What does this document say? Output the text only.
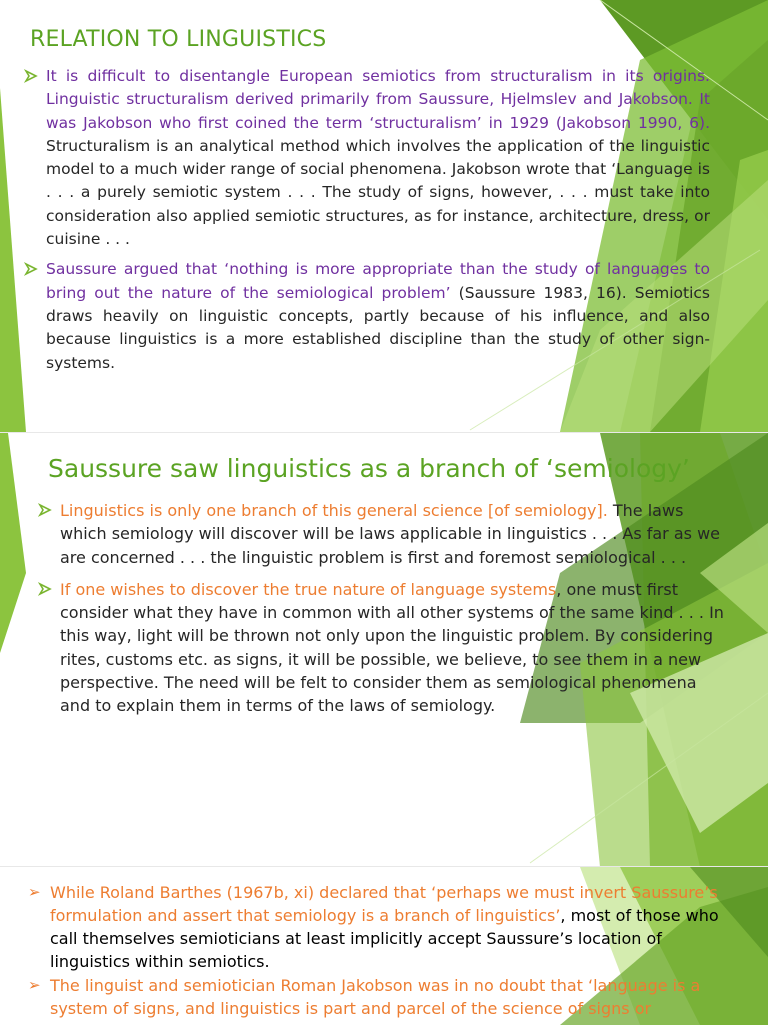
RELATION TO LINGUISTICS
It is difficult to disentangle European semiotics from structuralism in its origins. Linguistic structuralism derived primarily from Saussure, Hjelmslev and Jakobson. It was Jakobson who first coined the term ‘structuralism’ in 1929 (Jakobson 1990, 6). Structuralism is an analytical method which involves the application of the linguistic model to a much wider range of social phenomena. Jakobson wrote that ‘Language is . . . a purely semiotic system . . . The study of signs, however, . . . must take into consideration also applied semiotic structures, as for instance, architecture, dress, or cuisine . . .
Saussure argued that ‘nothing is more appropriate than the study of languages to bring out the nature of the semiological problem’ (Saussure 1983, 16). Semiotics draws heavily on linguistic concepts, partly because of his influence, and also because linguistics is a more established discipline than the study of other sign-systems.
Saussure saw linguistics as a branch of ‘semiology’
Linguistics is only one branch of this general science [of semiology]. The laws which semiology will discover will be laws applicable in linguistics . . . As far as we are concerned . . . the linguistic problem is first and foremost semiological . . .
If one wishes to discover the true nature of language systems, one must first consider what they have in common with all other systems of the same kind . . . In this way, light will be thrown not only upon the linguistic problem. By considering rites, customs etc. as signs, it will be possible, we believe, to see them in a new perspective. The need will be felt to consider them as semiological phenomena and to explain them in terms of the laws of semiology.
➢ While Roland Barthes (1967b, xi) declared that ‘perhaps we must invert Saussure’s formulation and assert that semiology is a branch of linguistics’, most of those who call themselves semioticians at least implicitly accept Saussure’s location of linguistics within semiotics.
➢ The linguist and semiotician Roman Jakobson was in no doubt that ‘language is a system of signs, and linguistics is part and parcel of the science of signs or
